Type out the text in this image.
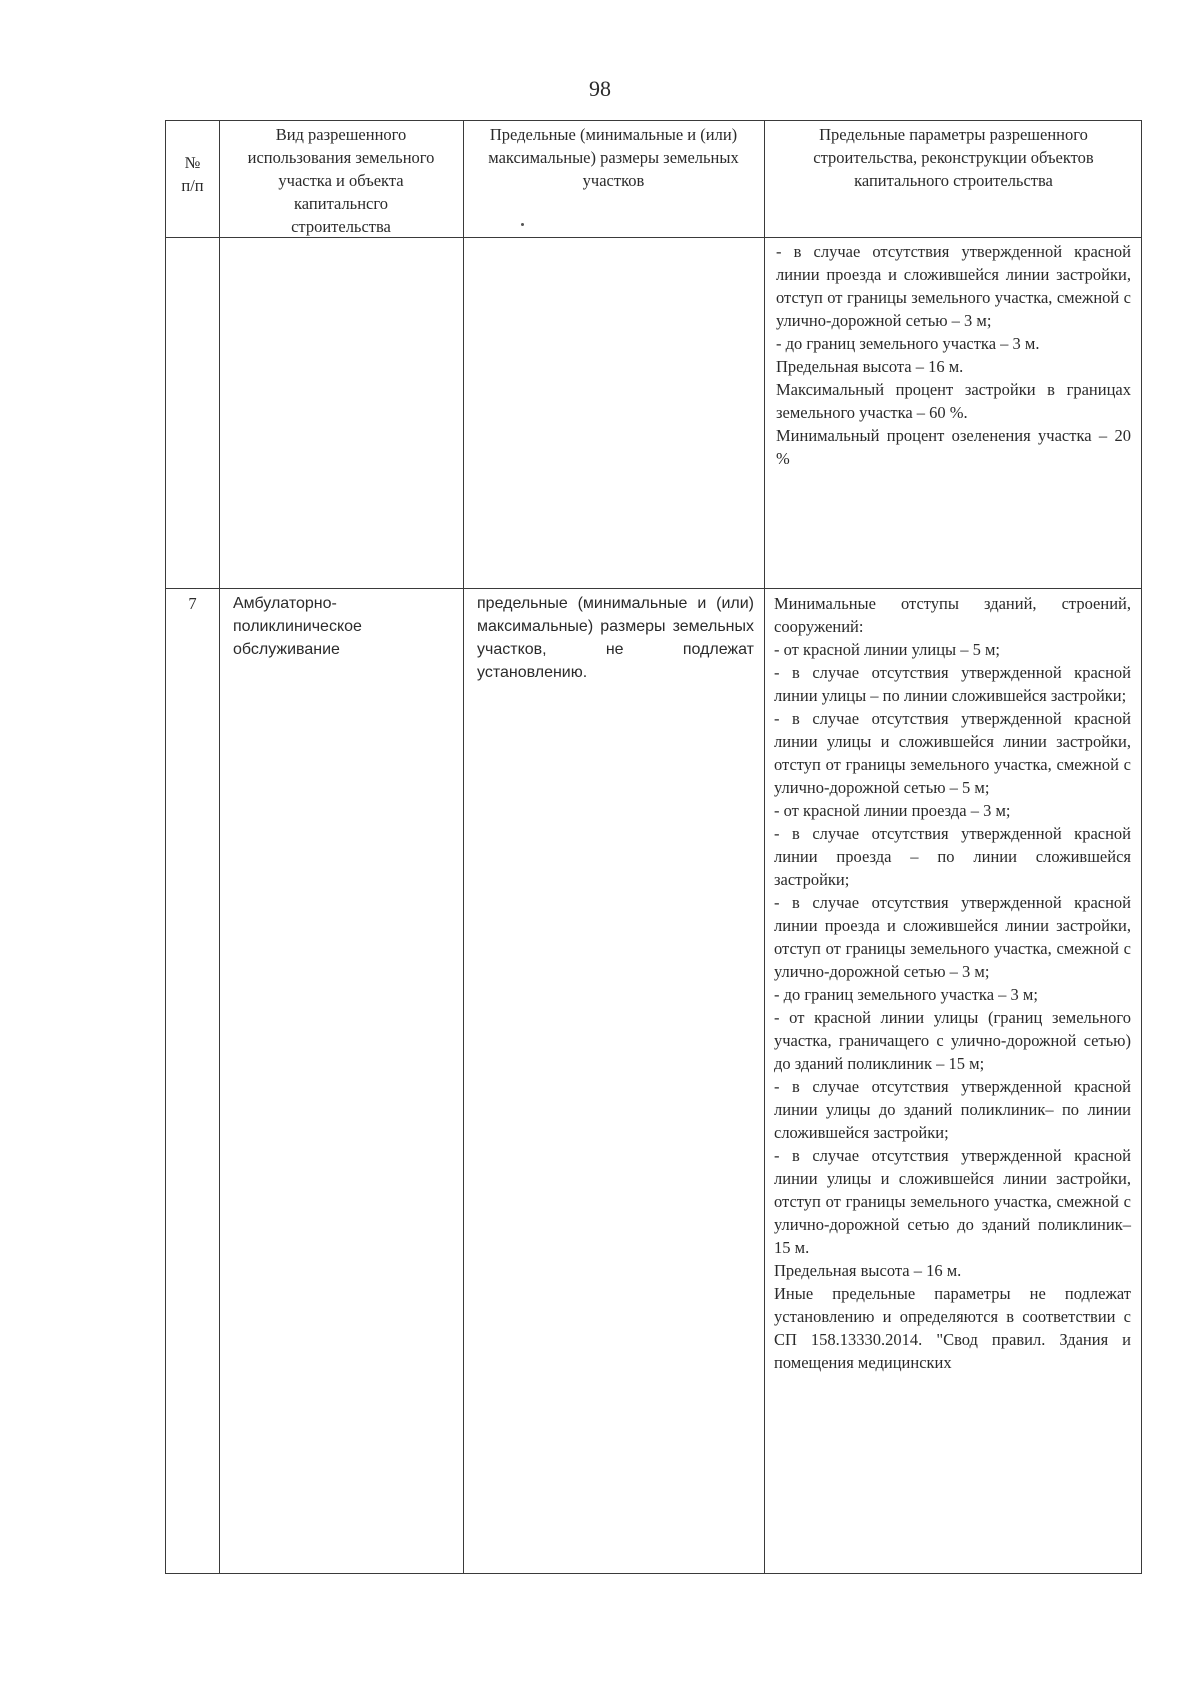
98
№ п/п
Вид разрешенного использования земельного участка и объекта капитальнсго строительства
Предельные (минимальные и (или) максимальные) размеры земельных участков
Предельные параметры разрешенного строительства, реконструкции объектов капитального строительства

- в случае отсутствия утвержденной красной линии проезда и сложившейся линии застройки, отступ от границы земельного участка, смежной с улично-дорожной сетью – 3 м;

- до границ земельного участка – 3 м.

Предельная высота – 16 м.

Максимальный процент застройки в границах земельного участка – 60 %.

Минимальный процент озеленения участка – 20 %

7	Амбулаторно-поликлиническое обслуживание
предельные (минимальные и (или) максимальные) размеры земельных участков, не подлежат установлению.

Минимальные отступы зданий, строений, сооружений:

- от красной линии улицы – 5 м;

- в случае отсутствия утвержденной красной линии улицы – по линии сложившейся застройки;

- в случае отсутствия утвержденной красной линии улицы и сложившейся линии застройки, отступ от границы земельного участка, смежной с улично-дорожной сетью – 5 м;

- от красной линии проезда – 3 м;

- в случае отсутствия утвержденной красной линии проезда – по линии сложившейся застройки;

- в случае отсутствия утвержденной красной линии проезда и сложившейся линии застройки, отступ от границы земельного участка, смежной с улично-дорожной сетью – 3 м;

- до границ земельного участка – 3 м;

- от красной линии улицы (границ земельного участка, граничащего с улично-дорожной сетью) до зданий поликлиник – 15 м;

- в случае отсутствия утвержденной красной линии улицы до зданий поликлиник– по линии сложившейся застройки;

- в случае отсутствия утвержденной красной линии улицы и сложившейся линии застройки, отступ от границы земельного участка, смежной с улично-дорожной сетью до зданий поликлиник– 15 м.

Предельная высота – 16 м.

Иные предельные параметры не подлежат установлению и определяются в соответствии с СП 158.13330.2014. "Свод правил. Здания и помещения медицинских
